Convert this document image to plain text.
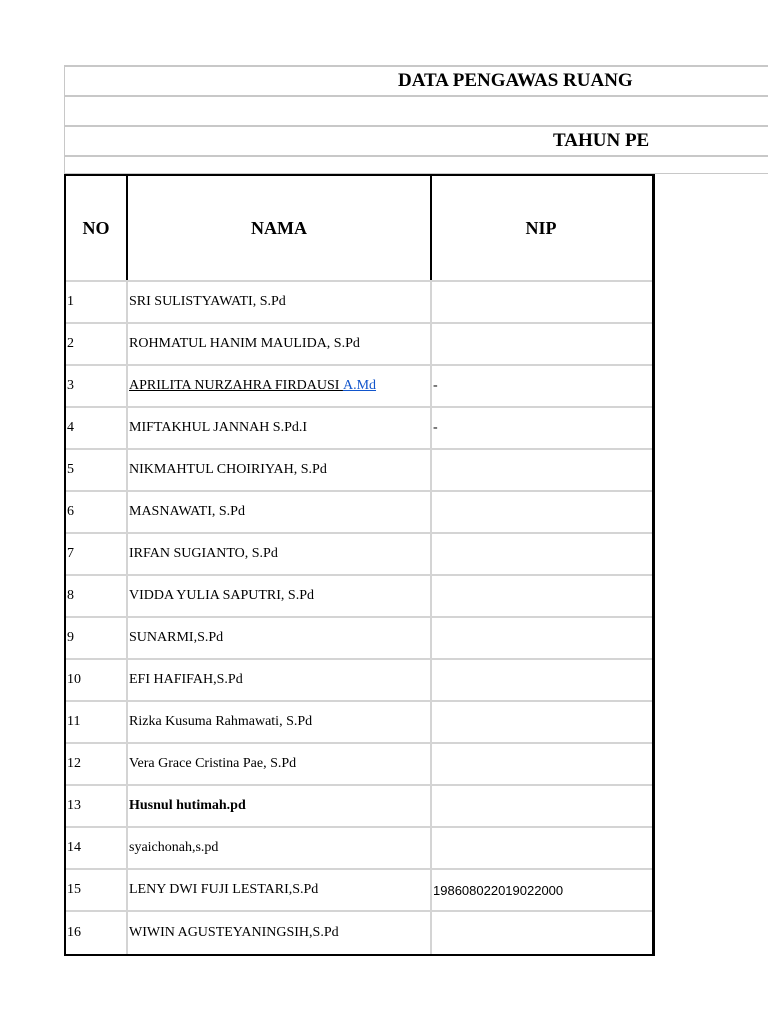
DATA PENGAWAS RUANG
TAHUN PE
NO	NAMA	NIP
1	SRI SULISTYAWATI, S.Pd
2	ROHMATUL HANIM MAULIDA, S.Pd
3	APRILITA NURZAHRA FIRDAUSI A.Md	-
4	MIFTAKHUL JANNAH S.Pd.I	-
5	NIKMAHTUL CHOIRIYAH, S.Pd
6	MASNAWATI, S.Pd
7	IRFAN SUGIANTO, S.Pd
8	VIDDA YULIA SAPUTRI, S.Pd
9	SUNARMI,S.Pd
10	EFI HAFIFAH,S.Pd
11	Rizka Kusuma Rahmawati, S.Pd
12	Vera Grace Cristina Pae, S.Pd
13	Husnul hutimah.pd
14	syaichonah,s.pd
15	LENY DWI FUJI LESTARI,S.Pd	198608022019022000
16	WIWIN AGUSTEYANINGSIH,S.Pd
